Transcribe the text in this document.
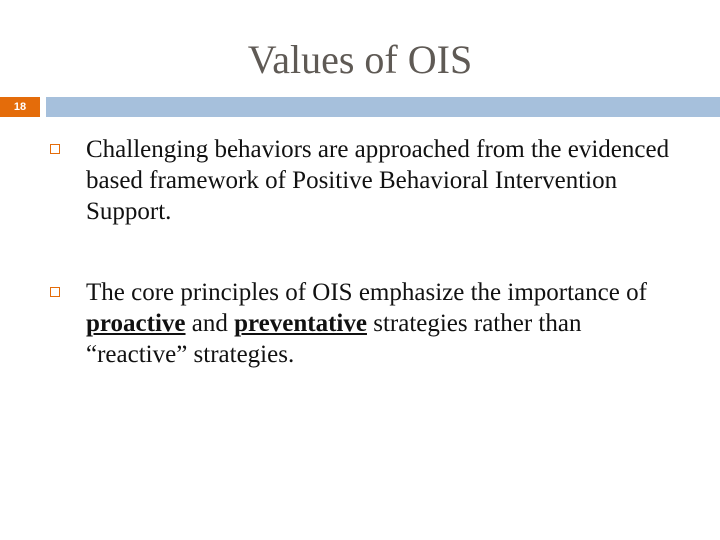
Values of OIS
18
Challenging behaviors are approached from the evidenced based framework of Positive Behavioral Intervention Support.
The core principles of OIS emphasize the importance of proactive and preventative strategies rather than “reactive” strategies.
